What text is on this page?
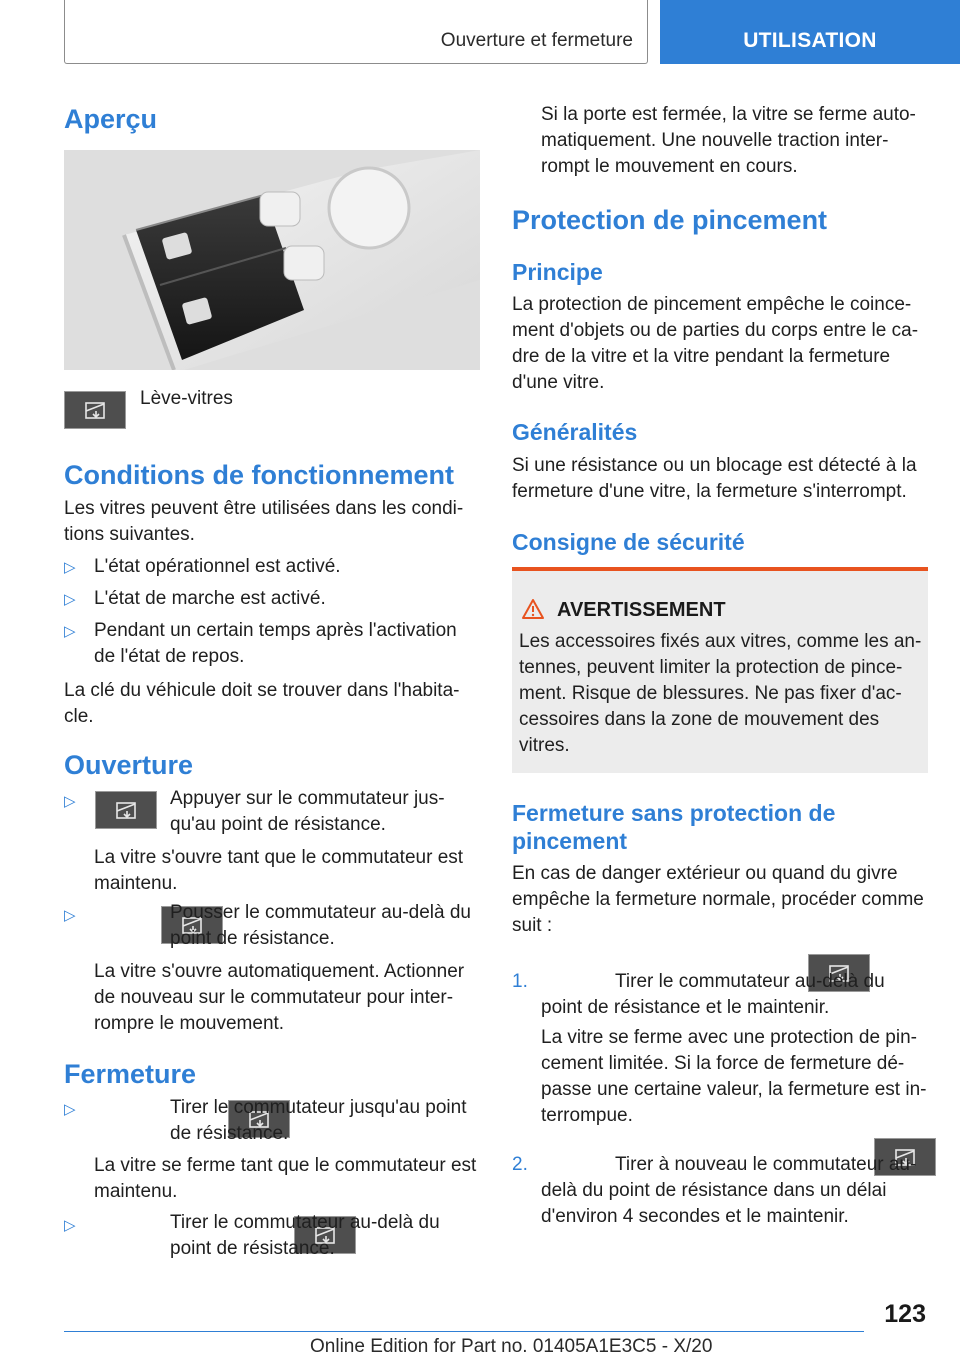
Ouverture et fermeture	UTILISATION
Aperçu

Lève-vitres

Conditions de fonctionnement

Les vitres peuvent être utilisées dans les condi-tions suivantes.

▷ L'état opérationnel est activé.

▷ L'état de marche est activé.

▷ Pendant un certain temps après l'activation de l'état de repos.

La clé du véhicule doit se trouver dans l'habita-cle.

Ouverture
▷
	Appuyer sur le commutateur jus-qu'au point de résistance.

La vitre s'ouvre tant que le commutateur est maintenu.

▷
	Pousser le commutateur au-delà du point de résistance.

La vitre s'ouvre automatiquement. Actionner de nouveau sur le commutateur pour inter-rompre le mouvement.

Fermeture
▷
	Tirer le commutateur jusqu'au point de résistance.

La vitre se ferme tant que le commutateur est maintenu.

▷
	Tirer le commutateur au-delà du point de résistance.

Si la porte est fermée, la vitre se ferme auto-matiquement. Une nouvelle traction inter-rompt le mouvement en cours.

Protection de pincement
Principe

La protection de pincement empêche le coince-ment d'objets ou de parties du corps entre le ca-dre de la vitre et la vitre pendant la fermeture d'une vitre.

Généralités

Si une résistance ou un blocage est détecté à la fermeture d'une vitre, la fermeture s'interrompt.

Consigne de sécurité
AVERTISSEMENT

Les accessoires fixés aux vitres, comme les an-tennes, peuvent limiter la protection de pince-ment. Risque de blessures. Ne pas fixer d'ac-cessoires dans la zone de mouvement des vitres.

Fermeture sans protection de pincement

En cas de danger extérieur ou quand du givre empêche la fermeture normale, procéder comme suit :

1.
	Tirer le commutateur au-delà du point de résistance et le maintenir.

La vitre se ferme avec une protection de pin-cement limitée. Si la force de fermeture dé-passe une certaine valeur, la fermeture est in-terrompue.

2.	Tirer à nouveau le commutateur au-delà du point de résistance dans un délai d'environ 4 secondes et le maintenir.

123
Online Edition for Part no. 01405A1E3C5 - X/20
